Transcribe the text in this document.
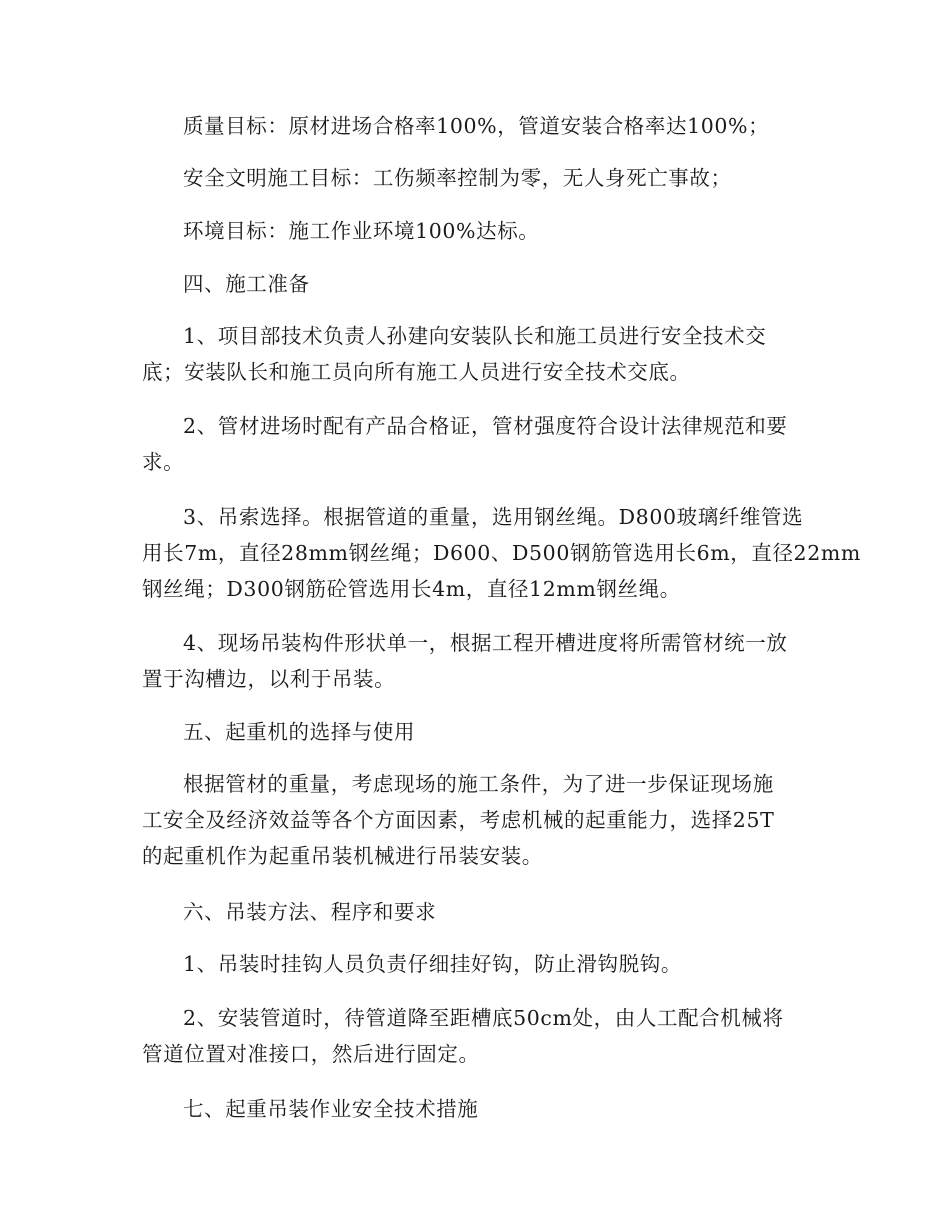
质量目标：原材进场合格率100%，管道安装合格率达100%；

安全文明施工目标：工伤频率控制为零，无人身死亡事故；

环境目标：施工作业环境100%达标。

四、施工准备

1、项目部技术负责人孙建向安装队长和施工员进行安全技术交
底；安装队长和施工员向所有施工人员进行安全技术交底。

2、管材进场时配有产品合格证，管材强度符合设计法律规范和要
求。

3、吊索选择。根据管道的重量，选用钢丝绳。D800玻璃纤维管选
用长7m，直径28mm钢丝绳；D600、D500钢筋管选用长6m，直径22mm
钢丝绳；D300钢筋砼管选用长4m，直径12mm钢丝绳。

4、现场吊装构件形状单一，根据工程开槽进度将所需管材统一放
置于沟槽边，以利于吊装。

五、起重机的选择与使用

根据管材的重量，考虑现场的施工条件，为了进一步保证现场施
工安全及经济效益等各个方面因素，考虑机械的起重能力，选择25T
的起重机作为起重吊装机械进行吊装安装。

六、吊装方法、程序和要求

1、吊装时挂钩人员负责仔细挂好钩，防止滑钩脱钩。

2、安装管道时，待管道降至距槽底50cm处，由人工配合机械将
管道位置对准接口，然后进行固定。

七、起重吊装作业安全技术措施
